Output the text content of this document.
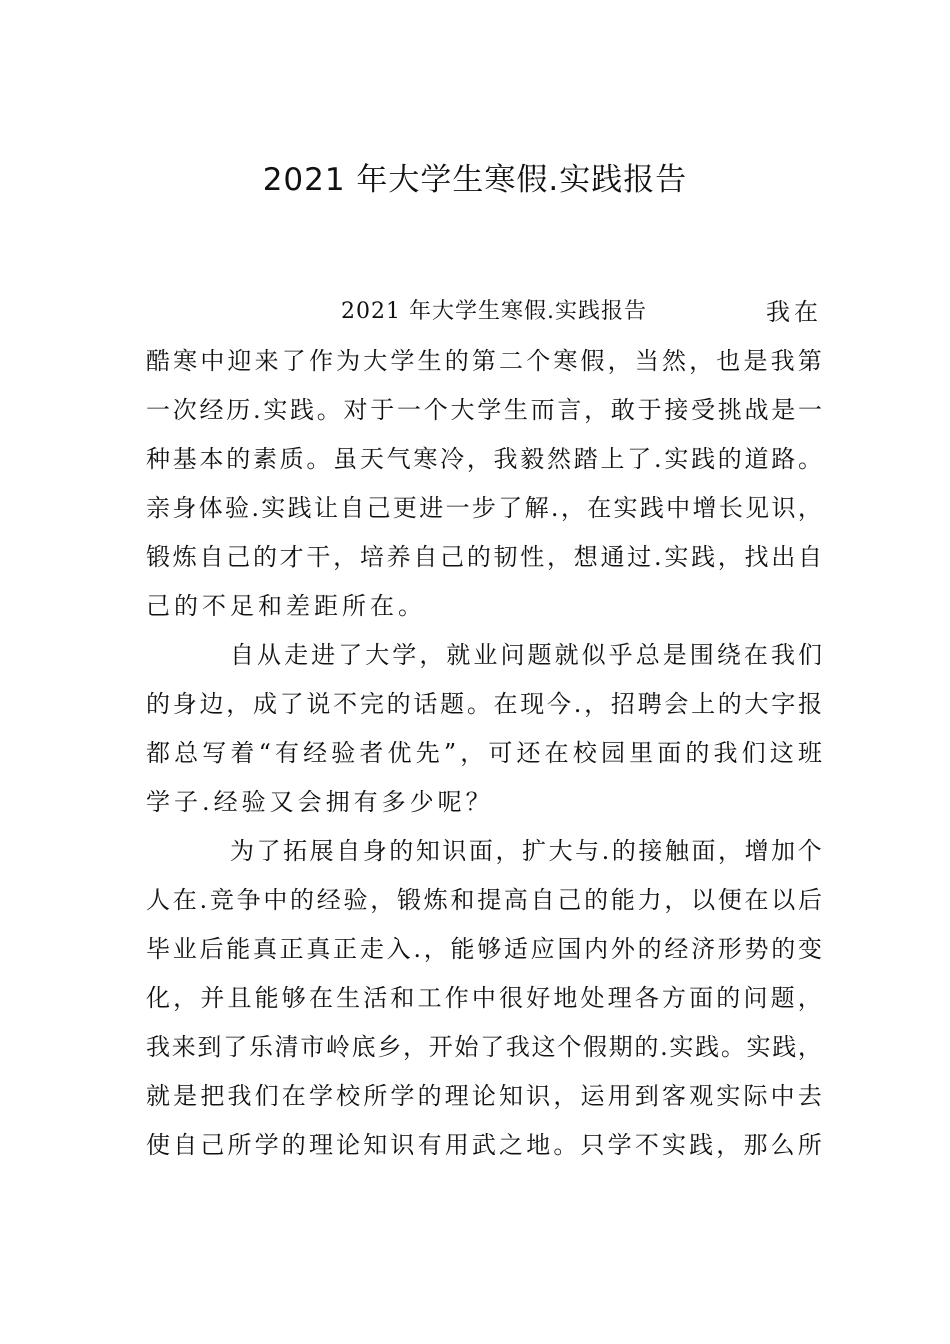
2021 年大学生寒假.实践报告
2021 年大学生寒假.实践报告	我在
酷 寒 中 迎 来 了 作 为 大 学 生 的 第 二 个 寒 假 ， 当 然 ， 也 是 我 第
一 次 经 历 . 实 践 。 对 于 一 个 大 学 生 而 言 ， 敢 于 接 受 挑 战 是 一
种 基 本 的 素 质 。 虽 天 气 寒 冷 ， 我 毅 然 踏 上 了 . 实 践 的 道 路 。
亲 身 体 验 . 实 践 让 自 己 更 进 一 步 了 解 . ， 在 实 践 中 增 长 见 识 ，
锻 炼 自 己 的 才 干 ， 培 养 自 己 的 韧 性 ， 想 通 过 . 实 践 ， 找 出 自
己的不足和差距所在。
自 从 走 进 了 大 学 ， 就 业 问 题 就 似 乎 总 是 围 绕 在 我 们
的 身 边 ， 成 了 说 不 完 的 话 题 。 在 现 今 . ， 招 聘 会 上 的 大 字 报
都 总 写 着 “ 有 经 验 者 优 先 ” ， 可 还 在 校 园 里 面 的 我 们 这 班
学子.经验又会拥有多少呢？
为 了 拓 展 自 身 的 知 识 面 ， 扩 大 与 . 的 接 触 面 ， 增 加 个
人 在 . 竞 争 中 的 经 验 ， 锻 炼 和 提 高 自 己 的 能 力 ， 以 便 在 以 后
毕 业 后 能 真 正 真 正 走 入 . ， 能 够 适 应 国 内 外 的 经 济 形 势 的 变
化 ， 并 且 能 够 在 生 活 和 工 作 中 很 好 地 处 理 各 方 面 的 问 题 ，
我 来 到 了 乐 清 市 岭 底 乡 ， 开 始 了 我 这 个 假 期 的 . 实 践 。 实 践 ，
就 是 把 我 们 在 学 校 所 学 的 理 论 知 识 ， 运 用 到 客 观 实 际 中 去
使 自 己 所 学 的 理 论 知 识 有 用 武 之 地 。 只 学 不 实 践 ， 那 么 所
